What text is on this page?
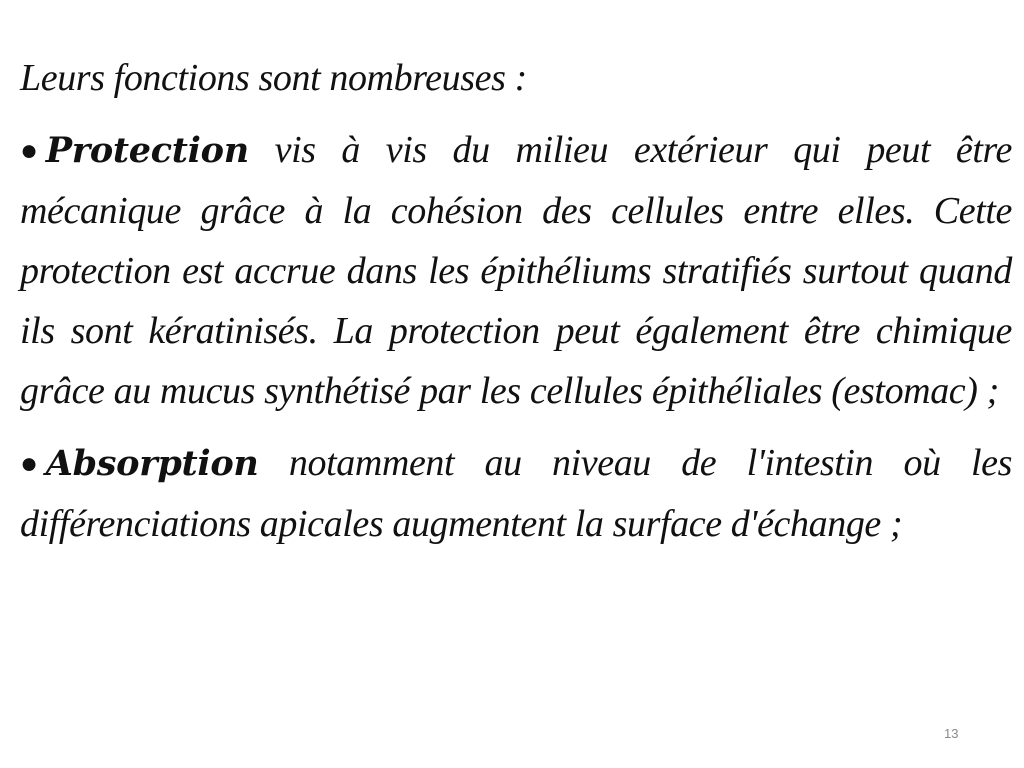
Leurs fonctions sont nombreuses :

● Protection vis à vis du milieu extérieur qui peut être mécanique grâce à la cohésion des cellules entre elles. Cette protection est accrue dans les épithéliums stratifiés surtout quand ils sont kératinisés. La protection peut également être chimique grâce au mucus synthétisé par les cellules épithéliales (estomac) ;

● Absorption notamment au niveau de l'intestin où les différenciations apicales augmentent la surface d'échange ;

13
